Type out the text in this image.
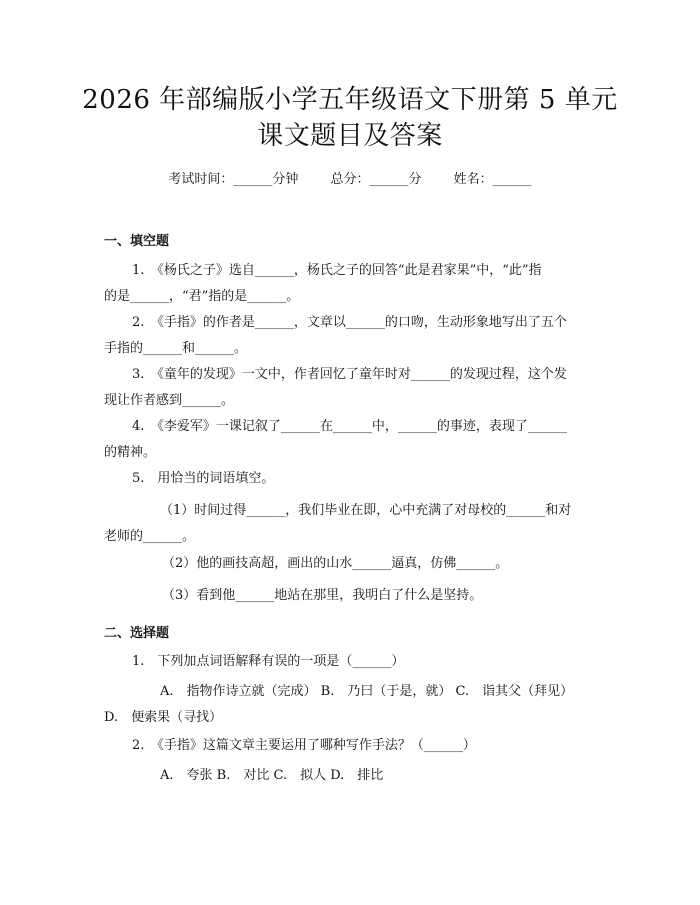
2026 年部编版小学五年级语文下册第 5 单元
课文题目及答案
考试时间：______分钟 总分：______分 姓名：______
一、填空题
1.　 《杨氏之子》选自______，杨氏之子的回答“此是君家果”中，“此”指
的是______，“君”指的是______。
2.　 《手指》的作者是______，文章以______的口吻，生动形象地写出了五个
手指的______和______。
3.　 《童年的发现》一文中，作者回忆了童年时对______的发现过程，这个发
现让作者感到______。
4.　 《李爱军》一课记叙了______在______中，______的事迹，表现了______
的精神。
5.　 用恰当的词语填空。
（1）时间过得______，我们毕业在即，心中充满了对母校的______和对
老师的______。
（2）他的画技高超，画出的山水______逼真，仿佛______。
（3）看到他______地站在那里，我明白了什么是坚持。
二、选择题
1.　 下列加点词语解释有误的一项是（______）
A.　指物作诗立就（完成） B.　乃曰（于是，就） C.　诣其父（拜见）
D.　便索果（寻找）
2.　 《手指》这篇文章主要运用了哪种写作手法？（______）
A.　夸张 B.　对比 C.　拟人 D.　排比
